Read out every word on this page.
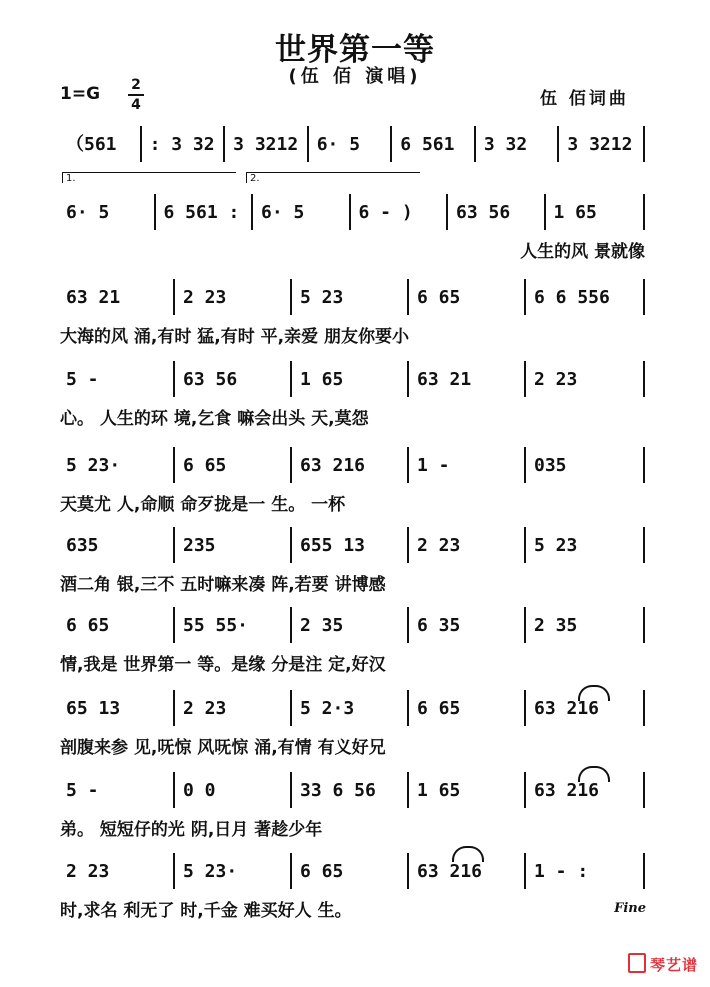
世界第一等
(伍 佰 演唱)
1=G 2
4	伍 佰词曲
（561 : 3 32 3 3212 6· 5 6 561 3 32 3 3212
6· 5	6 561 : 6· 5	6 - ) 63 56 1 65
人生的风 景就像
63 21	2 23	5 23	6 65	6 6 556
大海的风 涌,有时 猛,有时 平,亲爱 朋友你要小
5 -	63 56	1 65	63 21	2 23
心。 人生的环 境,乞食 嘛会出头 天,莫怨
5 23·	6 65	63 216	1 -	035
天莫尤 人,命顺 命歹拢是一 生。 一杯
635	235	655 13	2 23	5 23
酒二角 银,三不 五时嘛来凑 阵,若要 讲博感
6 65	55 55·	2 35	6 35	2 35
情,我是 世界第一 等。是缘 分是注 定,好汉
65 13	2 23	5 2·3	6 65	63 216
剖腹来参 见,呒惊 风呒惊 涌,有情 有义好兄
5 -	0 0	33 6 56 1 65	63 216
弟。 短短仔的光 阴,日月 著趁少年
2 23	5 23·	6 65	63 216	1 - :
时,求名 利无了 时,千金 难买好人 生。
1.	2.
Fine
琴艺谱
